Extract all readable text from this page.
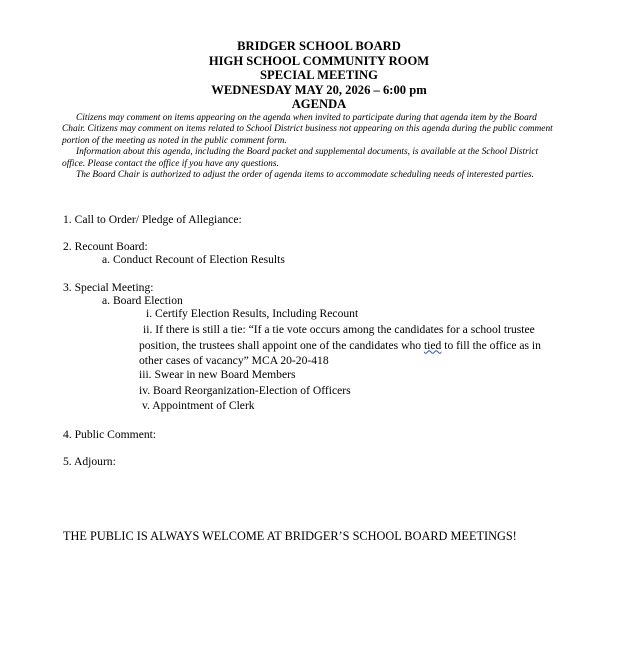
BRIDGER SCHOOL BOARD
HIGH SCHOOL COMMUNITY ROOM
SPECIAL MEETING
WEDNESDAY MAY 20, 2026 – 6:00 pm
AGENDA

Citizens may comment on items appearing on the agenda when invited to participate during that agenda item by the Board Chair. Citizens may comment on items related to School District business not appearing on this agenda during the public comment portion of the meeting as noted in the public comment form.

Information about this agenda, including the Board packet and supplemental documents, is available at the School District office. Please contact the office if you have any questions.

The Board Chair is authorized to adjust the order of agenda items to accommodate scheduling needs of interested parties.

1. Call to Order/ Pledge of Allegiance:
2. Recount Board:
a. Conduct Recount of Election Results
3. Special Meeting:
a. Board Election
i. Certify Election Results, Including Recount
ii. If there is still a tie: “If a tie vote occurs among the candidates for a school trustee position, the trustees shall appoint one of the candidates who tied to fill the office as in other cases of vacancy” MCA 20-20-418
iii. Swear in new Board Members
iv. Board Reorganization-Election of Officers
v. Appointment of Clerk
4. Public Comment:
5. Adjourn:
THE PUBLIC IS ALWAYS WELCOME AT BRIDGER’S SCHOOL BOARD MEETINGS!
